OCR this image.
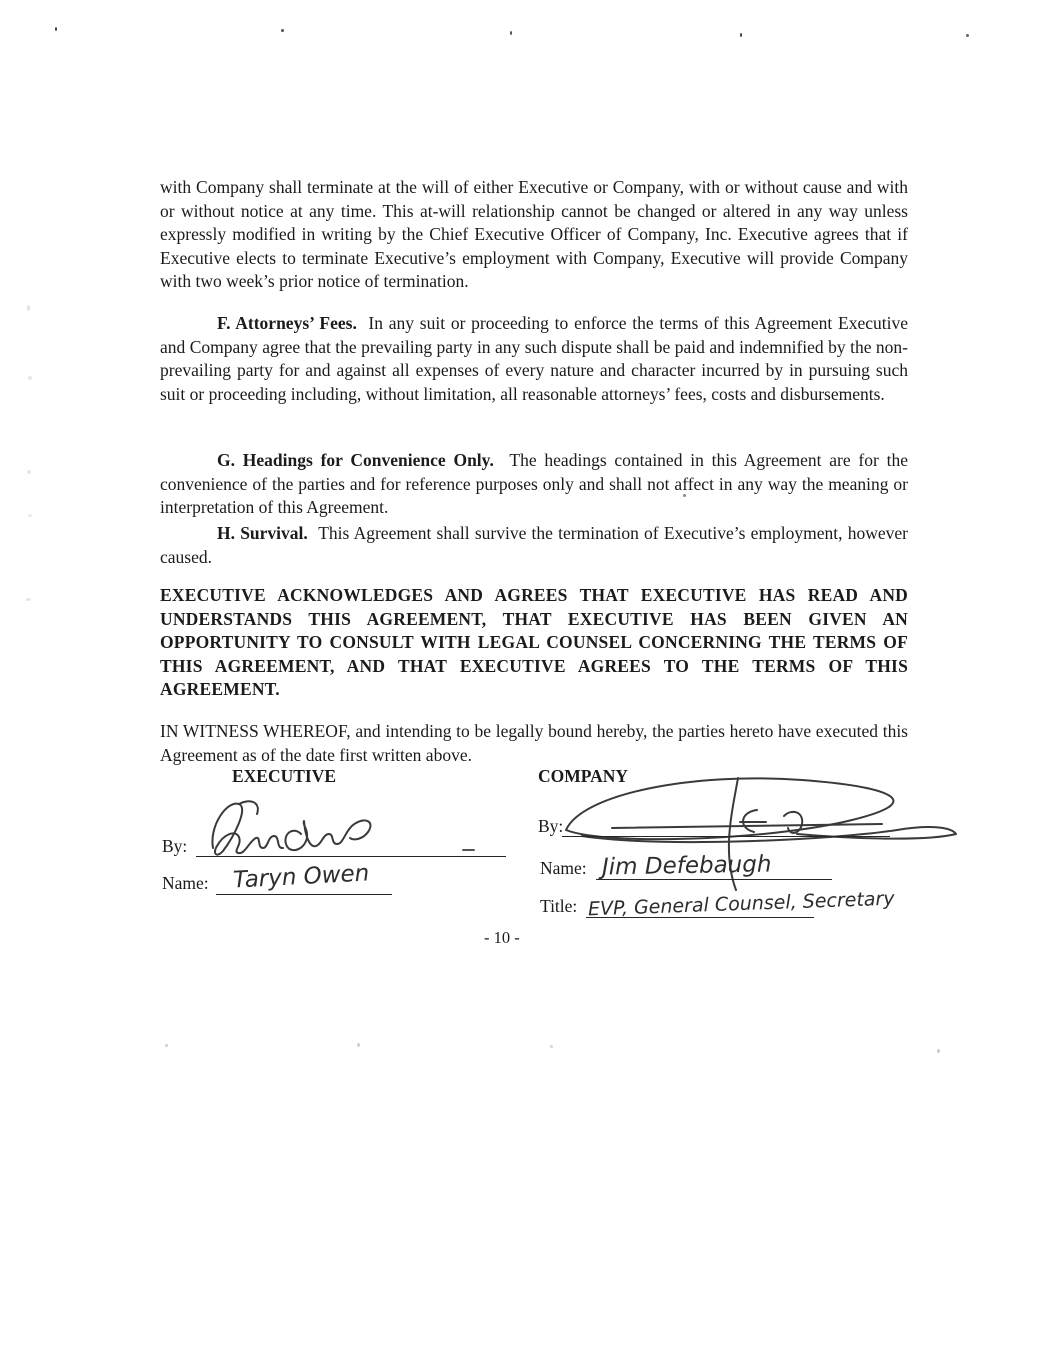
with Company shall terminate at the will of either Executive or Company, with or without cause and with or without notice at any time. This at-will relationship cannot be changed or altered in any way unless expressly modified in writing by the Chief Executive Officer of Company, Inc. Executive agrees that if Executive elects to terminate Executive’s employment with Company, Executive will provide Company with two week’s prior notice of termination.

F. Attorneys’ Fees. In any suit or proceeding to enforce the terms of this Agreement Executive and Company agree that the prevailing party in any such dispute shall be paid and indemnified by the non-prevailing party for and against all expenses of every nature and character incurred by in pursuing such suit or proceeding including, without limitation, all reasonable attorneys’ fees, costs and disbursements.

G. Headings for Convenience Only. The headings contained in this Agreement are for the convenience of the parties and for reference purposes only and shall not affect in any way the meaning or interpretation of this Agreement.

H. Survival. This Agreement shall survive the termination of Executive’s employment, however caused.

EXECUTIVE ACKNOWLEDGES AND AGREES THAT EXECUTIVE HAS READ AND UNDERSTANDS THIS AGREEMENT, THAT EXECUTIVE HAS BEEN GIVEN AN OPPORTUNITY TO CONSULT WITH LEGAL COUNSEL CONCERNING THE TERMS OF THIS AGREEMENT, AND THAT EXECUTIVE AGREES TO THE TERMS OF THIS AGREEMENT.

IN WITNESS WHEREOF, and intending to be legally bound hereby, the parties hereto have executed this Agreement as of the date first written above.

EXECUTIVE	COMPANY

By:

Name: Taryn Owen

By:

Name: Jim Defebaugh

Title: EVP, General Counsel, Secretary

- 10 -
